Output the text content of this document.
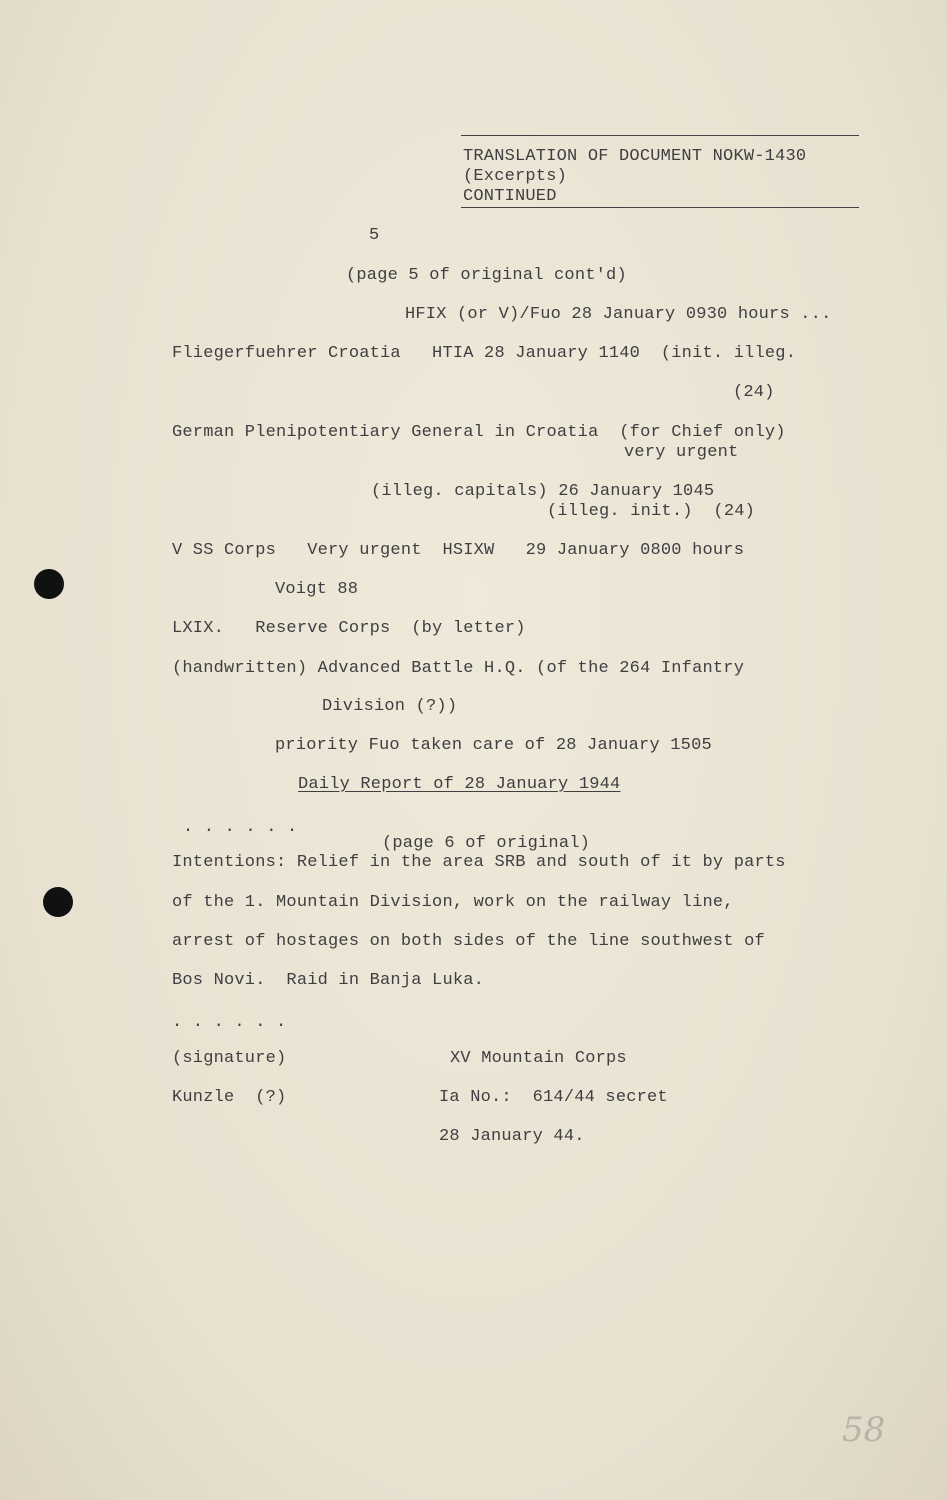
TRANSLATION OF DOCUMENT NOKW-1430
(Excerpts)
CONTINUED
5
(page 5 of original cont'd)
HFIX (or V)/Fuo 28 January 0930 hours ...
Fliegerfuehrer Croatia   HTIA 28 January 1140  (init. illeg.
(24)
German Plenipotentiary General in Croatia  (for Chief only)
very urgent
(illeg. capitals) 26 January 1045
(illeg. init.)  (24)
V SS Corps   Very urgent  HSIXW   29 January 0800 hours
Voigt 88
LXIX.   Reserve Corps  (by letter)
(handwritten) Advanced Battle H.Q. (of the 264 Infantry
Division (?))
priority Fuo taken care of 28 January 1505
Daily Report of 28 January 1944
. . . . . .
(page 6 of original)
Intentions: Relief in the area SRB and south of it by parts
of the 1. Mountain Division, work on the railway line,
arrest of hostages on both sides of the line southwest of
Bos Novi.  Raid in Banja Luka.
. . . . . .
(signature)	XV Mountain Corps
Kunzle  (?)	Ia No.:  614/44 secret
28 January 44.
58
